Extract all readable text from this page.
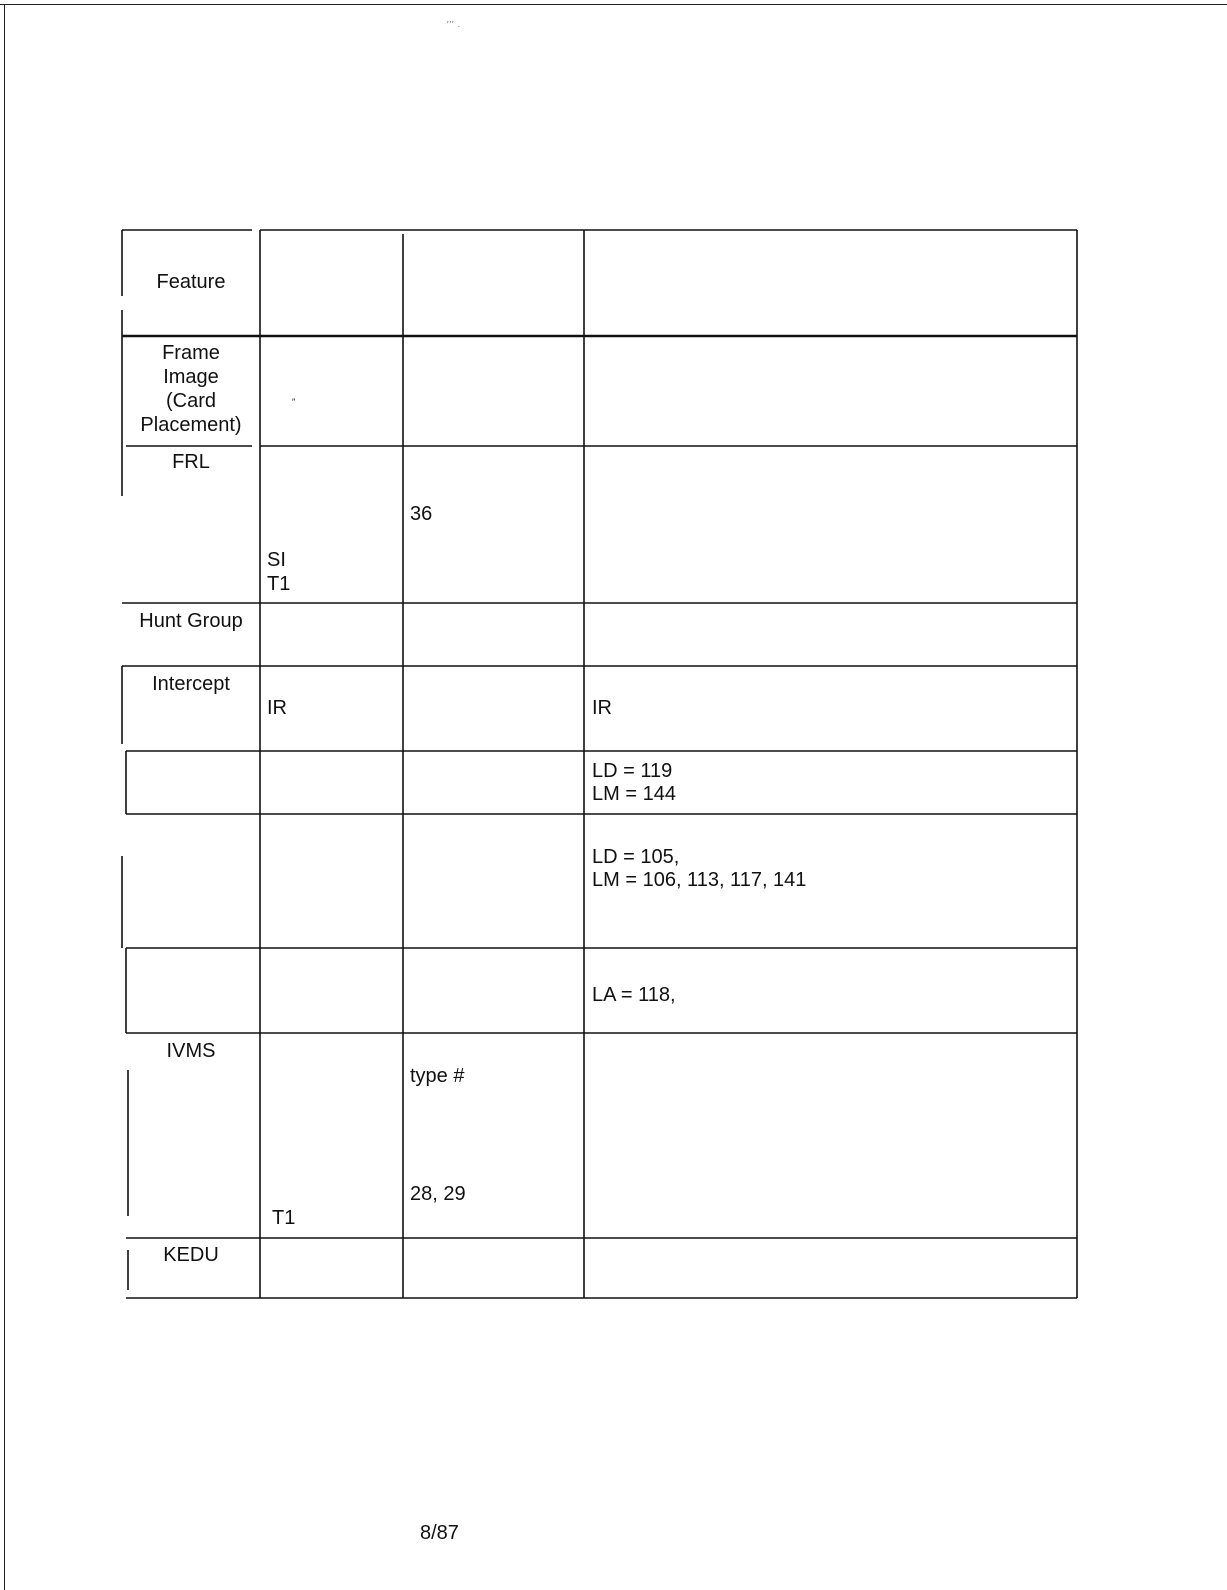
′′′ .
Feature
Frame
Image
(Card
Placement)
″
FRL
SI
T1
36
Hunt Group
Intercept
IR	IR
LD = 119
LM = 144
LD = 105,
LM = 106, 113, 117, 141
LA = 118,
IVMS
type #
28, 29
T1
KEDU
8/87
